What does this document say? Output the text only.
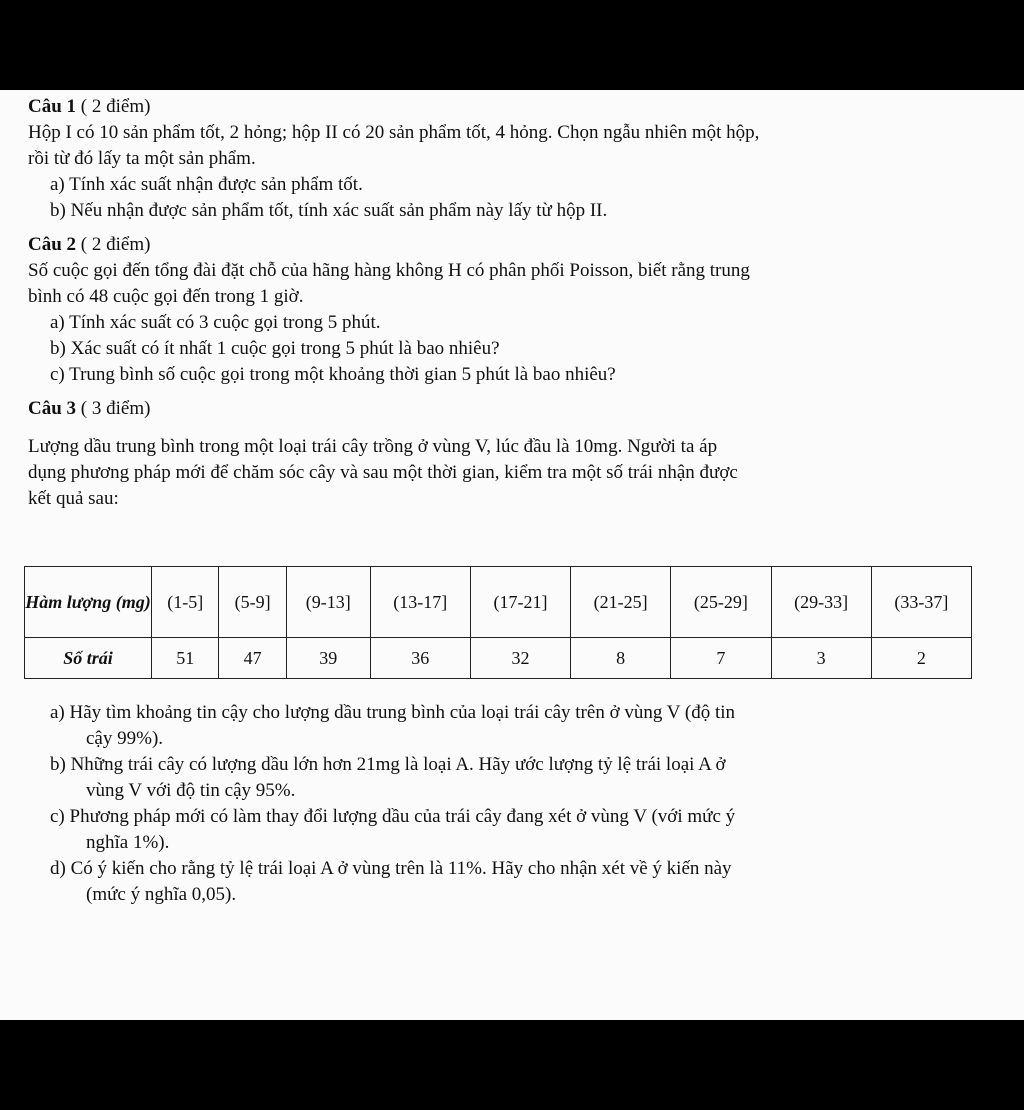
Câu 1 ( 2 điểm)

Hộp I có 10 sản phẩm tốt, 2 hỏng; hộp II có 20 sản phẩm tốt, 4 hỏng. Chọn ngẫu nhiên một hộp,

rồi từ đó lấy ta một sản phẩm.

a) Tính xác suất nhận được sản phẩm tốt.

b) Nếu nhận được sản phẩm tốt, tính xác suất sản phẩm này lấy từ hộp II.

Câu 2 ( 2 điểm)

Số cuộc gọi đến tổng đài đặt chỗ của hãng hàng không H có phân phối Poisson, biết rằng trung

bình có 48 cuộc gọi đến trong 1 giờ.

a) Tính xác suất có 3 cuộc gọi trong 5 phút.

b) Xác suất có ít nhất 1 cuộc gọi trong 5 phút là bao nhiêu?

c) Trung bình số cuộc gọi trong một khoảng thời gian 5 phút là bao nhiêu?

Câu 3 ( 3 điểm)

Lượng dầu trung bình trong một loại trái cây trồng ở vùng V, lúc đầu là 10mg. Người ta áp

dụng phương pháp mới để chăm sóc cây và sau một thời gian, kiểm tra một số trái nhận được

kết quả sau:

Hàm lượng (mg)	(1-5]	(5-9]	(9-13]	(13-17]	(17-21]	(21-25]	(25-29]	(29-33]	(33-37]
Số trái	51	47	39	36	32	8	7	3	2

a) Hãy tìm khoảng tin cậy cho lượng dầu trung bình của loại trái cây trên ở vùng V (độ tin

cậy 99%).

b) Những trái cây có lượng dầu lớn hơn 21mg là loại A. Hãy ước lượng tỷ lệ trái loại A ở

vùng V với độ tin cậy 95%.

c) Phương pháp mới có làm thay đổi lượng dầu của trái cây đang xét ở vùng V (với mức ý

nghĩa 1%).

d) Có ý kiến cho rằng tỷ lệ trái loại A ở vùng trên là 11%. Hãy cho nhận xét về ý kiến này

(mức ý nghĩa 0,05).
